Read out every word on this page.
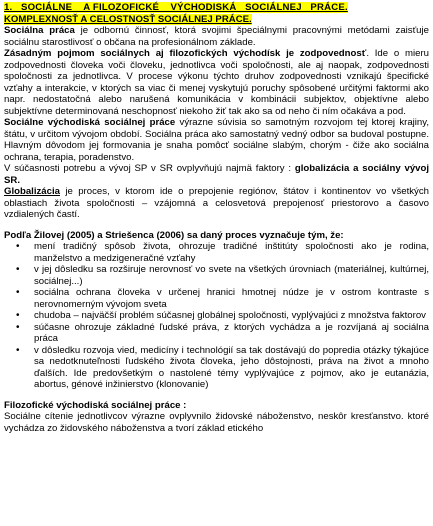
1.   SOCIÁLNE    A FILOZOFICKÉ    VÝCHODISKÁ   SOCIÁLNEJ   PRÁCE.
KOMPLEXNOSŤ A CELOSTNOSŤ SOCIÁLNEJ PRÁCE.

Sociálna práca je odbornú činnosť, ktorá svojimi špeciálnymi pracovnými metódami zaisťuje sociálnu starostlivosť o občana na profesionálnom základe.

Zásadným pojmom sociálnych aj filozofických východísk je zodpovednosť. Ide o mieru zodpovednosti človeka voči človeku, jednotlivca voči spoločnosti, ale aj naopak, zodpovednosti spoločnosti za jednotlivca. V procese výkonu týchto druhov zodpovednosti vznikajú špecifické vzťahy a interakcie, v ktorých sa viac či menej vyskytujú poruchy spôsobené určitými faktormi ako napr. nedostatočná alebo narušená komunikácia v kombinácii subjektov, objektívne alebo subjektívne determinovaná neschopnosť niekoho žiť tak ako sa od neho či ním očakáva a pod.

Sociálne východiská sociálnej práce výrazne súvisia so samotným rozvojom tej ktorej krajiny, štátu, v určitom vývojom období. Sociálna práca ako samostatný vedný odbor sa budoval postupne. Hlavným dôvodom jej formovania je snaha pomôcť sociálne slabým, chorým - čiže ako sociálna ochrana, terapia, poradenstvo.

V súčasnosti potrebu a vývoj SP v SR ovplyvňujú najmä faktory : globalizácia a sociálny vývoj SR.

Globalizácia je proces, v ktorom ide o prepojenie regiónov, štátov i kontinentov vo všetkých oblastiach života spoločnosti – vzájomná a celosvetová prepojenosť priestorovo a časovo vzdialených častí.

Podľa Žilovej (2005) a Striešenca (2006) sa daný proces vyznačuje tým, že:

• mení tradičný spôsob života, ohrozuje tradičné inštitúty spoločnosti ako je rodina, manželstvo a medzigeneračné vzťahy
• v jej dôsledku sa rozširuje nerovnosť vo svete na všetkých úrovniach (materiálnej, kultúrnej, sociálnej...)
• sociálna ochrana človeka v určenej hranici hmotnej núdze je v ostrom kontraste s nerovnomerným vývojom sveta
• chudoba – najväčší problém súčasnej globálnej spoločnosti, vyplývajúci z množstva faktorov
• súčasne ohrozuje základné ľudské práva, z ktorých vychádza a je rozvíjaná aj sociálna práca
• v dôsledku rozvoja vied, medicíny i technológií sa tak dostávajú do popredia otázky týkajúce sa nedotknuteľnosti ľudského života človeka, jeho dôstojnosti, práva na život a mnoho ďalších. Ide predovšetkým o nastolené témy vyplývajúce z pojmov, ako je eutanázia, abortus, génové inžinierstvo (klonovanie)

Filozofické východiská sociálnej práce :

Sociálne cítenie jednotlivcov výrazne ovplyvnilo židovské náboženstvo, neskôr kresťanstvo. ktoré vychádza zo židovského náboženstva a tvorí základ etického
